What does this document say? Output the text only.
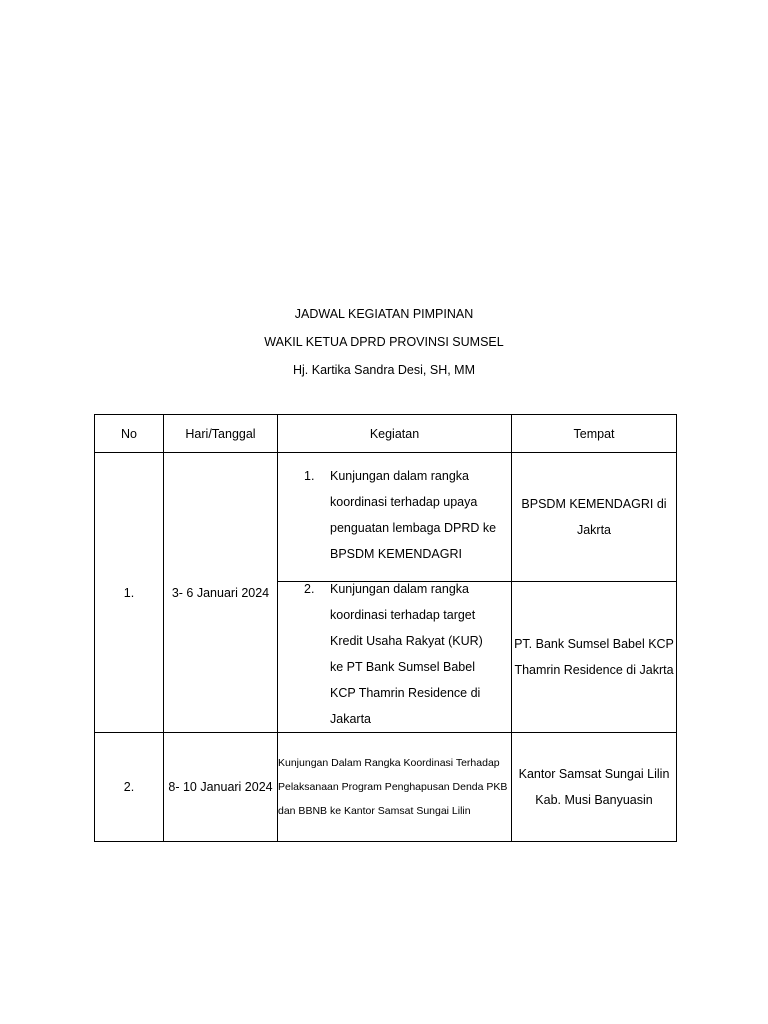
JADWAL KEGIATAN PIMPINAN
WAKIL KETUA DPRD PROVINSI SUMSEL
Hj. Kartika Sandra Desi, SH, MM
No	Hari/Tanggal	Kegiatan	Tempat
1.	3- 6 Januari 2024	1. Kunjungan dalam rangka koordinasi terhadap upaya penguatan lembaga DPRD ke BPSDM KEMENDAGRI	BPSDM KEMENDAGRI di Jakrta

		2. Kunjungan dalam rangka koordinasi terhadap target Kredit Usaha Rakyat (KUR) ke PT Bank Sumsel Babel KCP Thamrin Residence di Jakarta	PT. Bank Sumsel Babel KCP Thamrin Residence di Jakrta
2.	8- 10 Januari 2024	Kunjungan Dalam Rangka Koordinasi Terhadap Pelaksanaan Program Penghapusan Denda PKB dan BBNB ke Kantor Samsat Sungai Lilin	Kantor Samsat Sungai Lilin Kab. Musi Banyuasin
